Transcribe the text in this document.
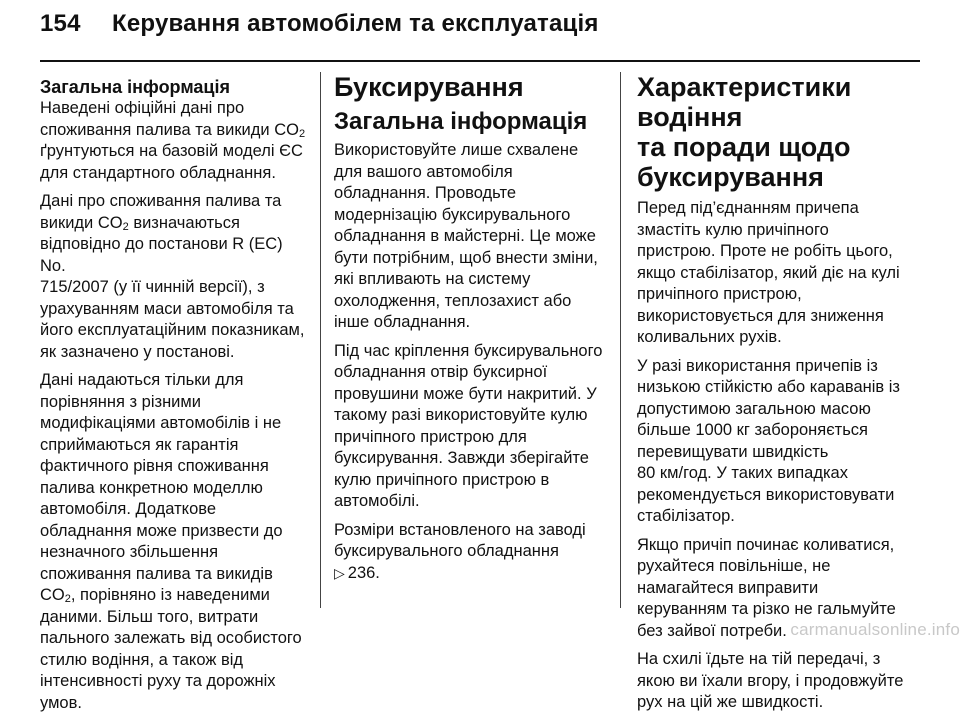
154 Керування автомобілем та експлуатація
Загальна інформація

Наведені офіційні дані про
споживання палива та викиди $CO_2$
ґрунтуються на базовій моделі ЄС
для стандартного обладнання.

Дані про споживання палива та
викиди $CO_2$ визначаються
відповідно до постанови R (ЕС) No.
715/2007 (у її чинній версії), з
урахуванням маси автомобіля та
його експлуатаційним показникам,
як зазначено у постанові.

Дані надаються тільки для
порівняння з різними
модифікаціями автомобілів і не
сприймаються як гарантія
фактичного рівня споживання
палива конкретною моделлю
автомобіля. Додаткове
обладнання може призвести до
незначного збільшення
споживання палива та викидів
$CO_2$, порівняно із наведеними
даними. Більш того, витрати
пального залежать від особистого
стилю водіння, а також від
інтенсивності руху та дорожніх
умов.

Буксирування
Загальна інформація

Використовуйте лише схвалене
для вашого автомобіля
обладнання. Проводьте
модернізацію буксирувального
обладнання в майстерні. Це може
бути потрібним, щоб внести зміни,
які впливають на систему
охолодження, теплозахист або
інше обладнання.

Під час кріплення буксирувального
обладнання отвір буксирної
провушини може бути накритий. У
такому разі використовуйте кулю
причіпного пристрою для
буксирування. Завжди зберігайте
кулю причіпного пристрою в
автомобілі.

Розміри встановленого на заводі
буксирувального обладнання
▷ 236.

Характеристики водіння
та поради щодо
буксирування

Перед під’єднанням причепа
змастіть кулю причіпного
пристрою. Проте не робіть цього,
якщо стабілізатор, який діє на кулі
причіпного пристрою,
використовується для зниження
коливальних рухів.

У разі використання причепів із
низькою стійкістю або караванів із
допустимою загальною масою
більше 1000 кг забороняється
перевищувати швидкість
80 км/год. У таких випадках
рекомендується використовувати
стабілізатор.

Якщо причіп починає коливатися,
рухайтеся повільніше, не
намагайтеся виправити
керуванням та різко не гальмуйте
без зайвої потреби.

На схилі їдьте на тій передачі, з
якою ви їхали вгору, і продовжуйте
рух на цій же швидкості.

carmanualsonline.info
